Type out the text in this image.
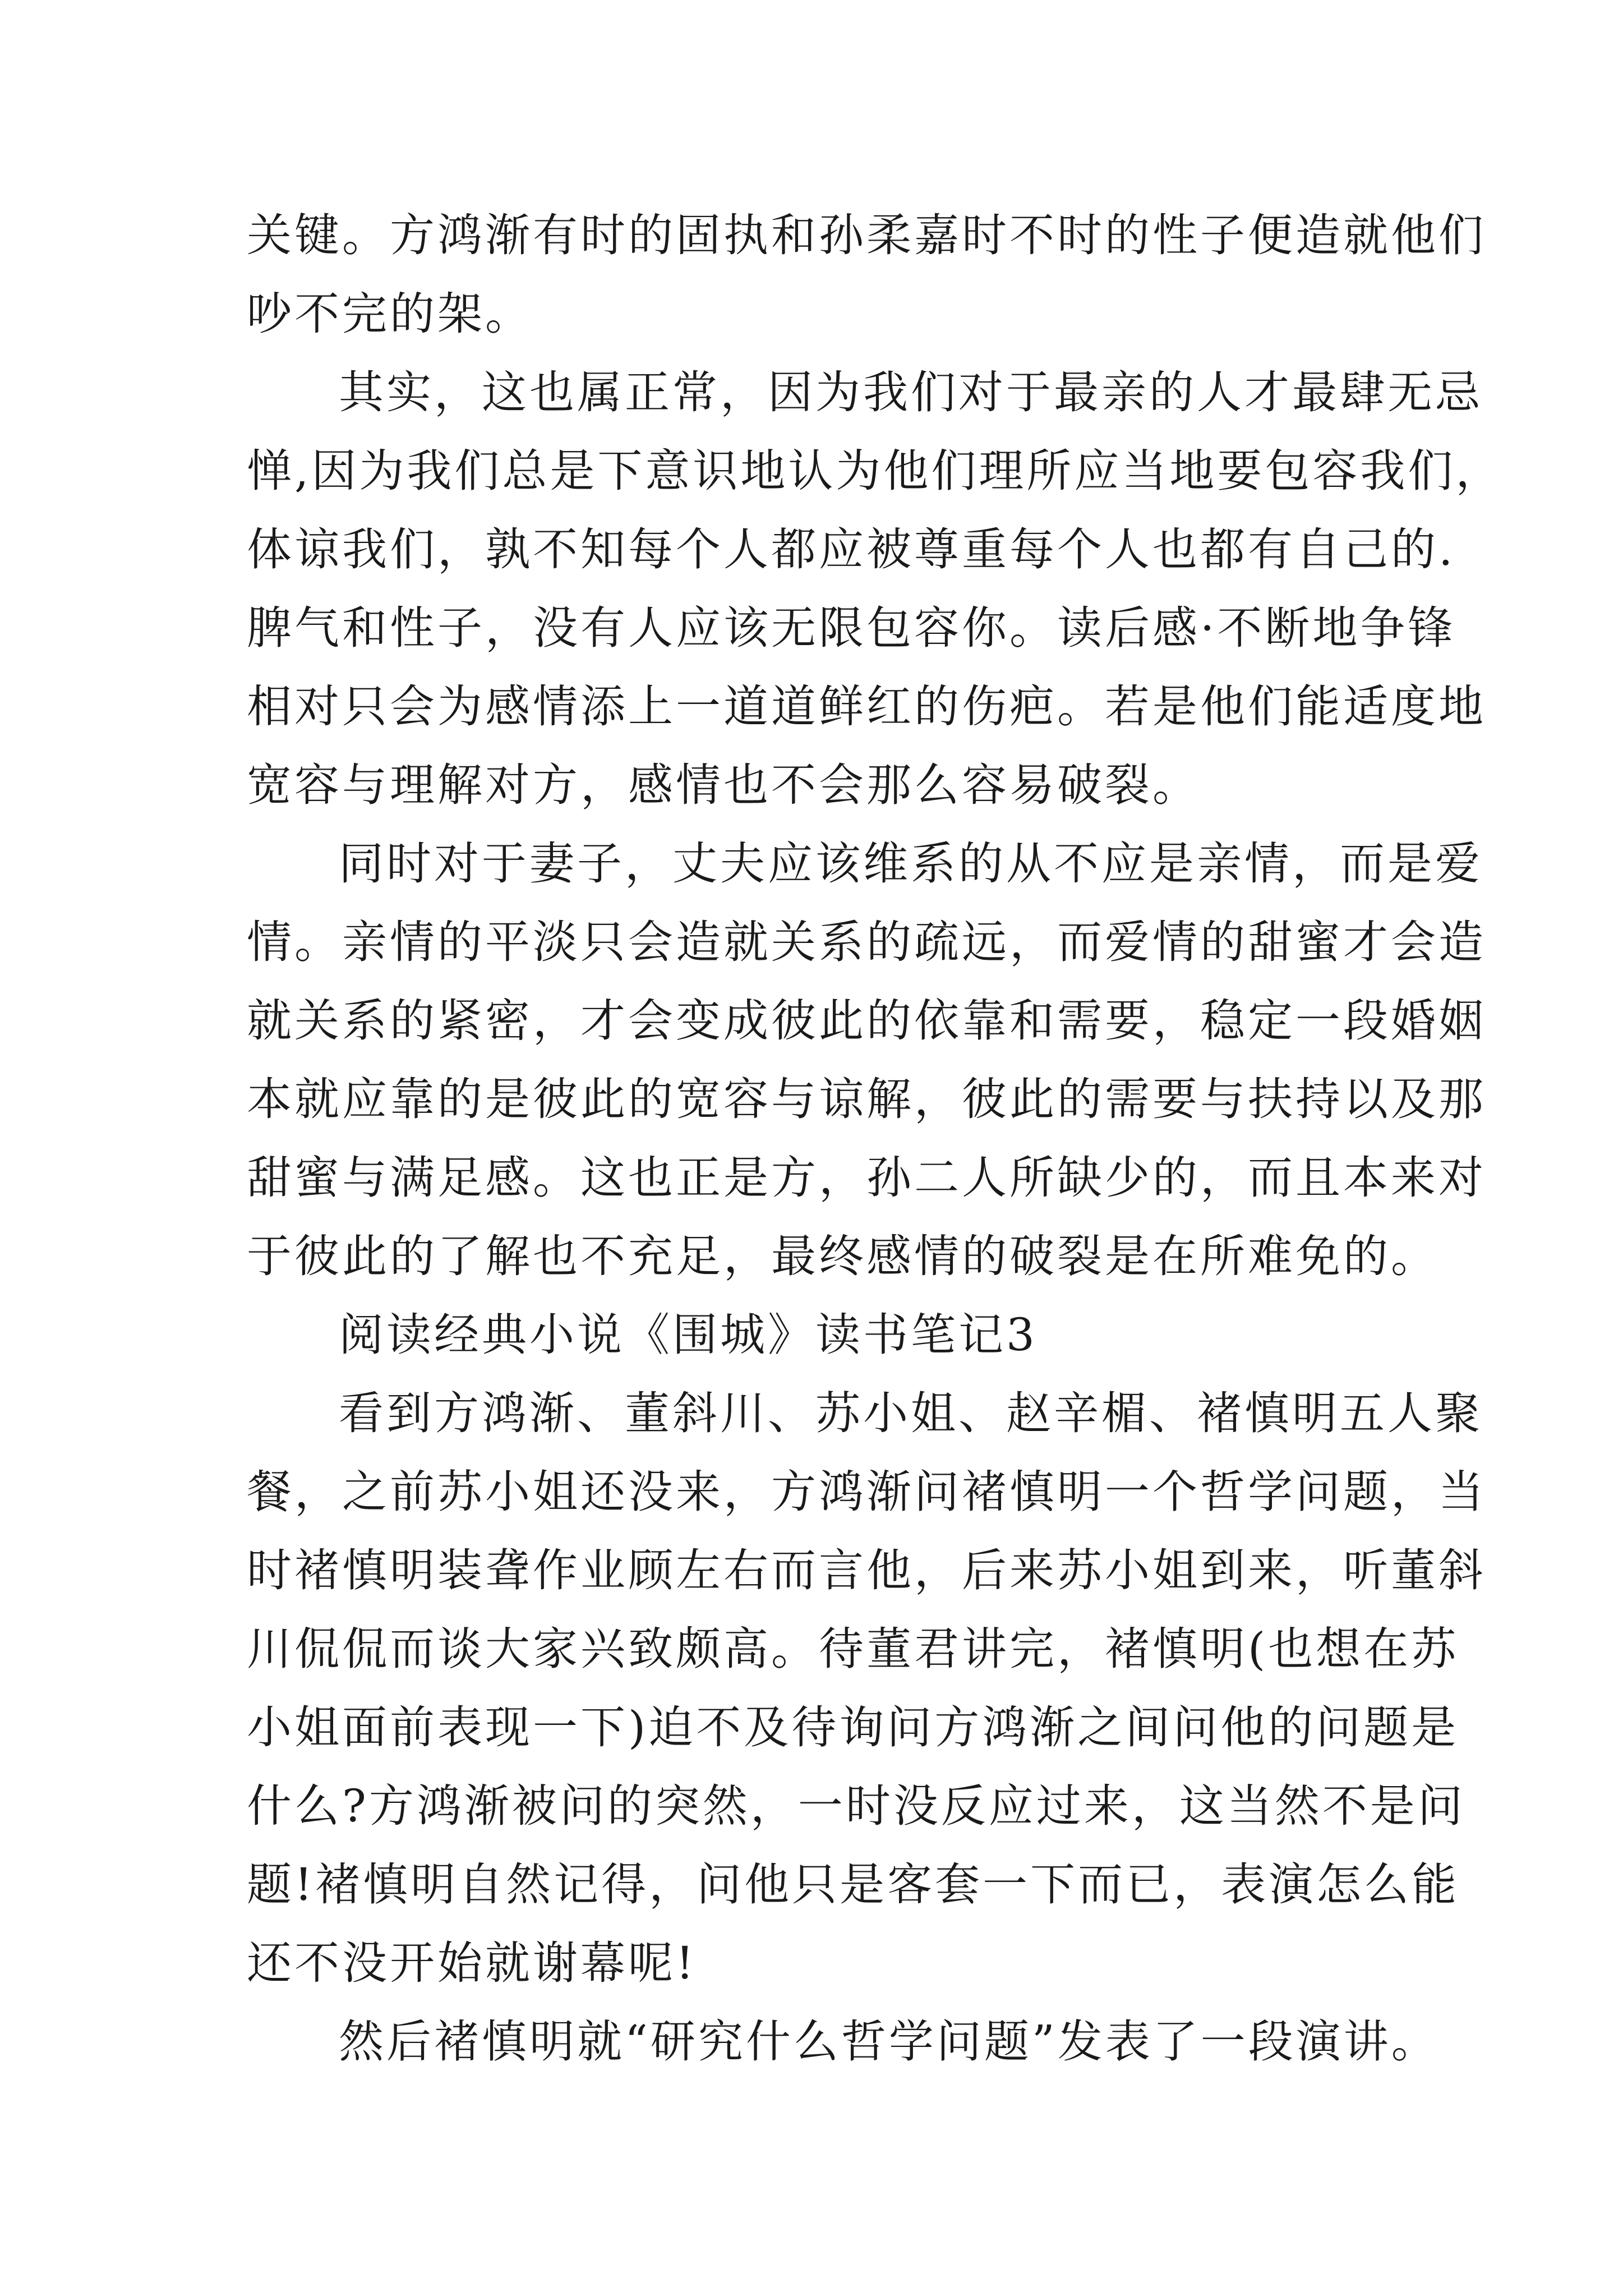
关键。方鸿渐有时的固执和孙柔嘉时不时的性子便造就他们
吵不完的架。
其实，这也属正常，因为我们对于最亲的人才最肆无忌
惮,因为我们总是下意识地认为他们理所应当地要包容我们，
体谅我们，孰不知每个人都应被尊重每个人也都有自己的.
脾气和性子，没有人应该无限包容你。读后感·不断地争锋
相对只会为感情添上一道道鲜红的伤疤。若是他们能适度地
宽容与理解对方，感情也不会那么容易破裂。
同时对于妻子，丈夫应该维系的从不应是亲情，而是爱
情。亲情的平淡只会造就关系的疏远，而爱情的甜蜜才会造
就关系的紧密，才会变成彼此的依靠和需要，稳定一段婚姻
本就应靠的是彼此的宽容与谅解，彼此的需要与扶持以及那
甜蜜与满足感。这也正是方，孙二人所缺少的，而且本来对
于彼此的了解也不充足，最终感情的破裂是在所难免的。
阅读经典小说《围城》读书笔记3
看到方鸿渐、董斜川、苏小姐、赵辛楣、褚慎明五人聚
餐，之前苏小姐还没来，方鸿渐问褚慎明一个哲学问题，当
时褚慎明装聋作业顾左右而言他，后来苏小姐到来，听董斜
川侃侃而谈大家兴致颇高。待董君讲完，褚慎明(也想在苏
小姐面前表现一下)迫不及待询问方鸿渐之间问他的问题是
什么?方鸿渐被问的突然，一时没反应过来，这当然不是问
题!褚慎明自然记得，问他只是客套一下而已，表演怎么能
还不没开始就谢幕呢!
然后褚慎明就“研究什么哲学问题”发表了一段演讲。
